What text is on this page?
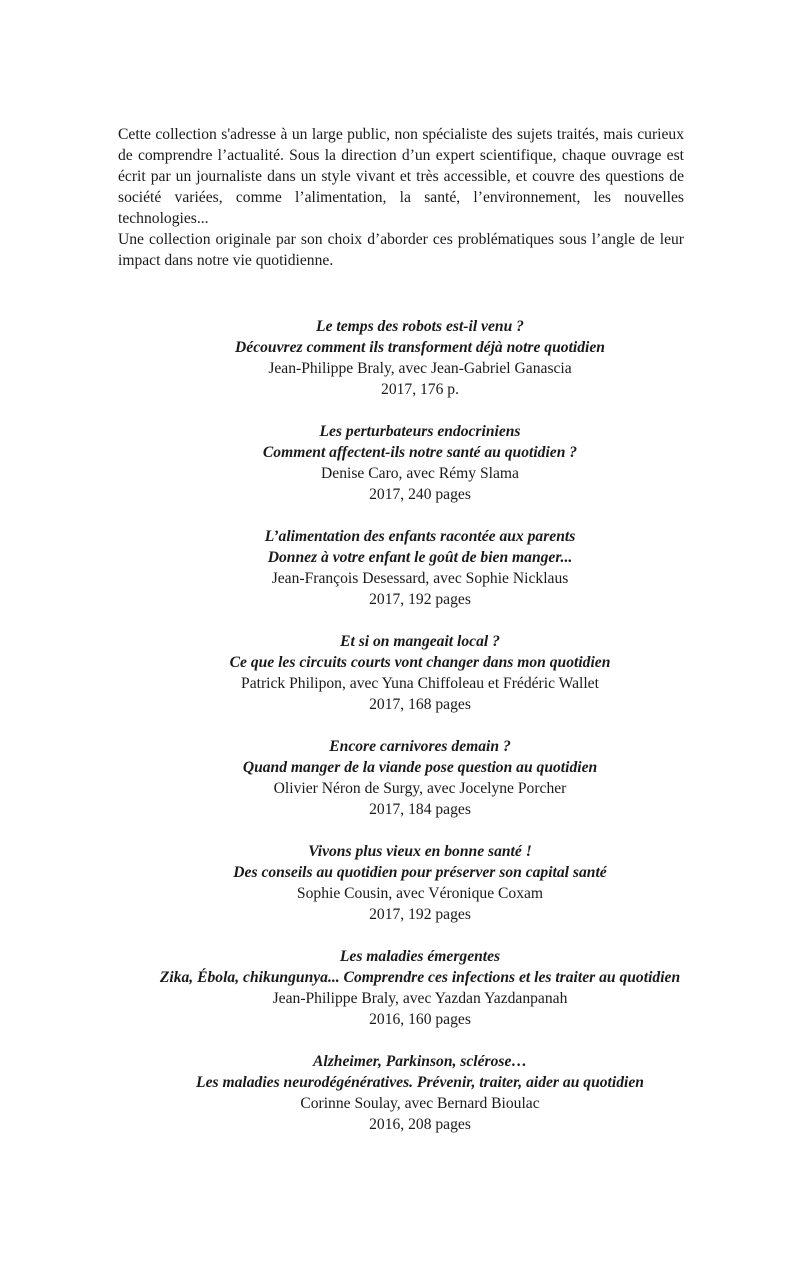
Cette collection s'adresse à un large public, non spécialiste des sujets traités, mais curieux de comprendre l’actualité. Sous la direction d’un expert scientifique, chaque ouvrage est écrit par un journaliste dans un style vivant et très accessible, et couvre des questions de société variées, comme l’alimentation, la santé, l’environnement, les nouvelles technologies...

Une collection originale par son choix d’aborder ces problématiques sous l’angle de leur impact dans notre vie quotidienne.

Le temps des robots est-il venu ?
Découvrez comment ils transforment déjà notre quotidien
Jean-Philippe Braly, avec Jean-Gabriel Ganascia
2017, 176 p.
Les perturbateurs endocriniens
Comment affectent-ils notre santé au quotidien ?
Denise Caro, avec Rémy Slama
2017, 240 pages
L’alimentation des enfants racontée aux parents
Donnez à votre enfant le goût de bien manger...
Jean-François Desessard, avec Sophie Nicklaus
2017, 192 pages
Et si on mangeait local ?
Ce que les circuits courts vont changer dans mon quotidien
Patrick Philipon, avec Yuna Chiffoleau et Frédéric Wallet
2017, 168 pages
Encore carnivores demain ?
Quand manger de la viande pose question au quotidien
Olivier Néron de Surgy, avec Jocelyne Porcher
2017, 184 pages
Vivons plus vieux en bonne santé !
Des conseils au quotidien pour préserver son capital santé
Sophie Cousin, avec Véronique Coxam
2017, 192 pages
Les maladies émergentes
Zika, Ébola, chikungunya... Comprendre ces infections et les traiter au quotidien
Jean-Philippe Braly, avec Yazdan Yazdanpanah
2016, 160 pages
Alzheimer, Parkinson, sclérose…
Les maladies neurodégénératives. Prévenir, traiter, aider au quotidien
Corinne Soulay, avec Bernard Bioulac
2016, 208 pages
